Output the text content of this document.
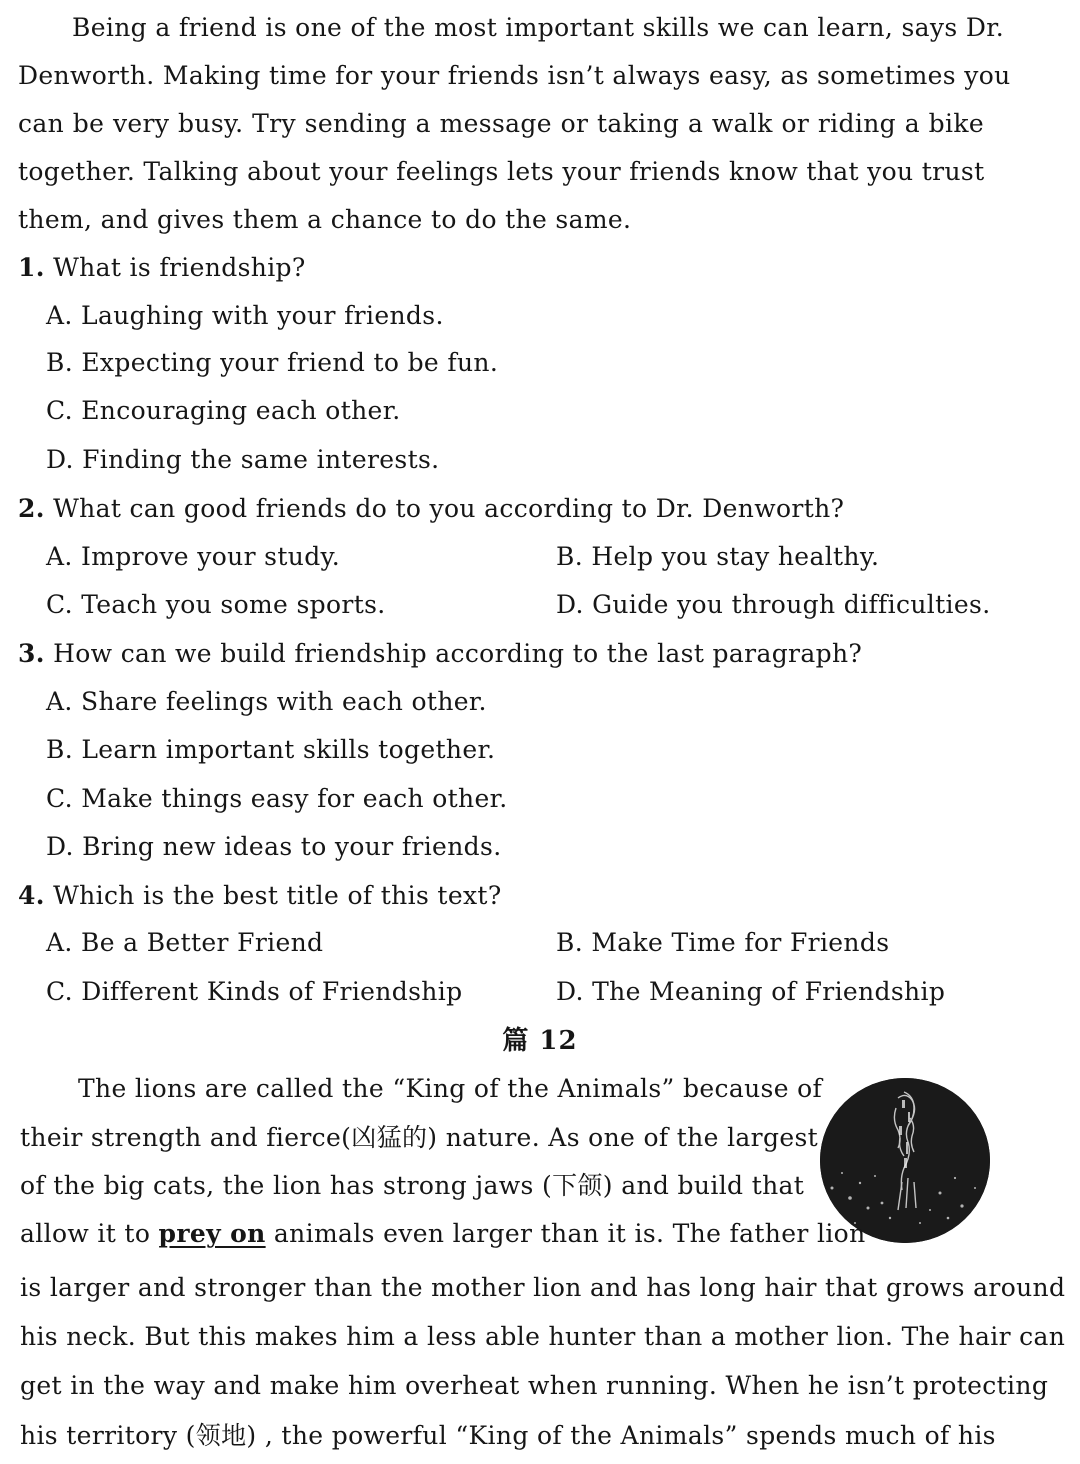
Being a friend is one of the most important skills we can learn, says Dr.
Denworth. Making time for your friends isn’t always easy, as sometimes you
can be very busy. Try sending a message or taking a walk or riding a bike
together. Talking about your feelings lets your friends know that you trust
them, and gives them a chance to do the same.
1. What is friendship?
A. Laughing with your friends.
B. Expecting your friend to be fun.
C. Encouraging each other.
D. Finding the same interests.
2. What can good friends do to you according to Dr. Denworth?
A. Improve your study.	B. Help you stay healthy.
C. Teach you some sports.	D. Guide you through difficulties.
3. How can we build friendship according to the last paragraph?
A. Share feelings with each other.
B. Learn important skills together.
C. Make things easy for each other.
D. Bring new ideas to your friends.
4. Which is the best title of this text?
A. Be a Better Friend	B. Make Time for Friends
C. Different Kinds of Friendship	D. The Meaning of Friendship
篇 12
The lions are called the “King of the Animals” because of
their strength and fierce(凶猛的) nature. As one of the largest
of the big cats, the lion has strong jaws (下颌) and build that
allow it to prey on animals even larger than it is. The father lion
is larger and stronger than the mother lion and has long hair that grows around
his neck. But this makes him a less able hunter than a mother lion. The hair can
get in the way and make him overheat when running. When he isn’t protecting
his territory (领地) , the powerful “King of the Animals” spends much of his
